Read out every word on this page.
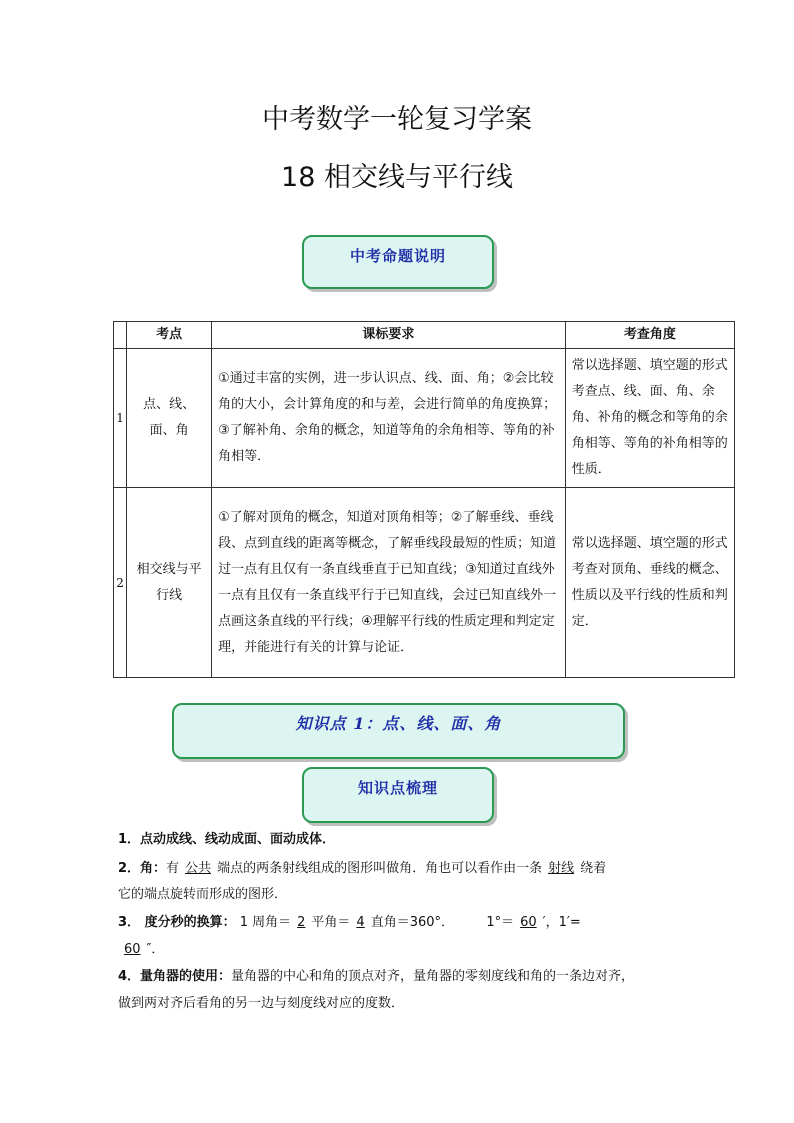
中考数学一轮复习学案
18 相交线与平行线
中考命题说明
	考点	课标要求	考查角度
1	点、线、面、角	①通过丰富的实例，进一步认识点、线、面、角；②会比较角的大小，会计算角度的和与差，会进行简单的角度换算；③了解补角、余角的概念，知道等角的余角相等、等角的补角相等．	常以选择题、填空题的形式考查点、线、面、角、余角、补角的概念和等角的余角相等、等角的补角相等的性质．
2	相交线与平行线	①了解对顶角的概念，知道对顶角相等；②了解垂线、垂线段、点到直线的距离等概念，了解垂线段最短的性质；知道过一点有且仅有一条直线垂直于已知直线；③知道过直线外一点有且仅有一条直线平行于已知直线，会过已知直线外一点画这条直线的平行线；④理解平行线的性质定理和判定定理，并能进行有关的计算与论证．	常以选择题、填空题的形式考查对顶角、垂线的概念、性质以及平行线的性质和判定．
知识点 1：点、线、面、角
知识点梳理
1．点动成线、线动成面、面动成体．
2．角：有 公共 端点的两条射线组成的图形叫做角．角也可以看作由一条 射线 绕着
它的端点旋转而形成的图形．
3． 度分秒的换算： 1 周角＝ 2 平角＝ 4 直角＝360°． 1°＝ 60 ′，1′=
60 ″．
4．量角器的使用：量角器的中心和角的顶点对齐，量角器的零刻度线和角的一条边对齐，
做到两对齐后看角的另一边与刻度线对应的度数．
